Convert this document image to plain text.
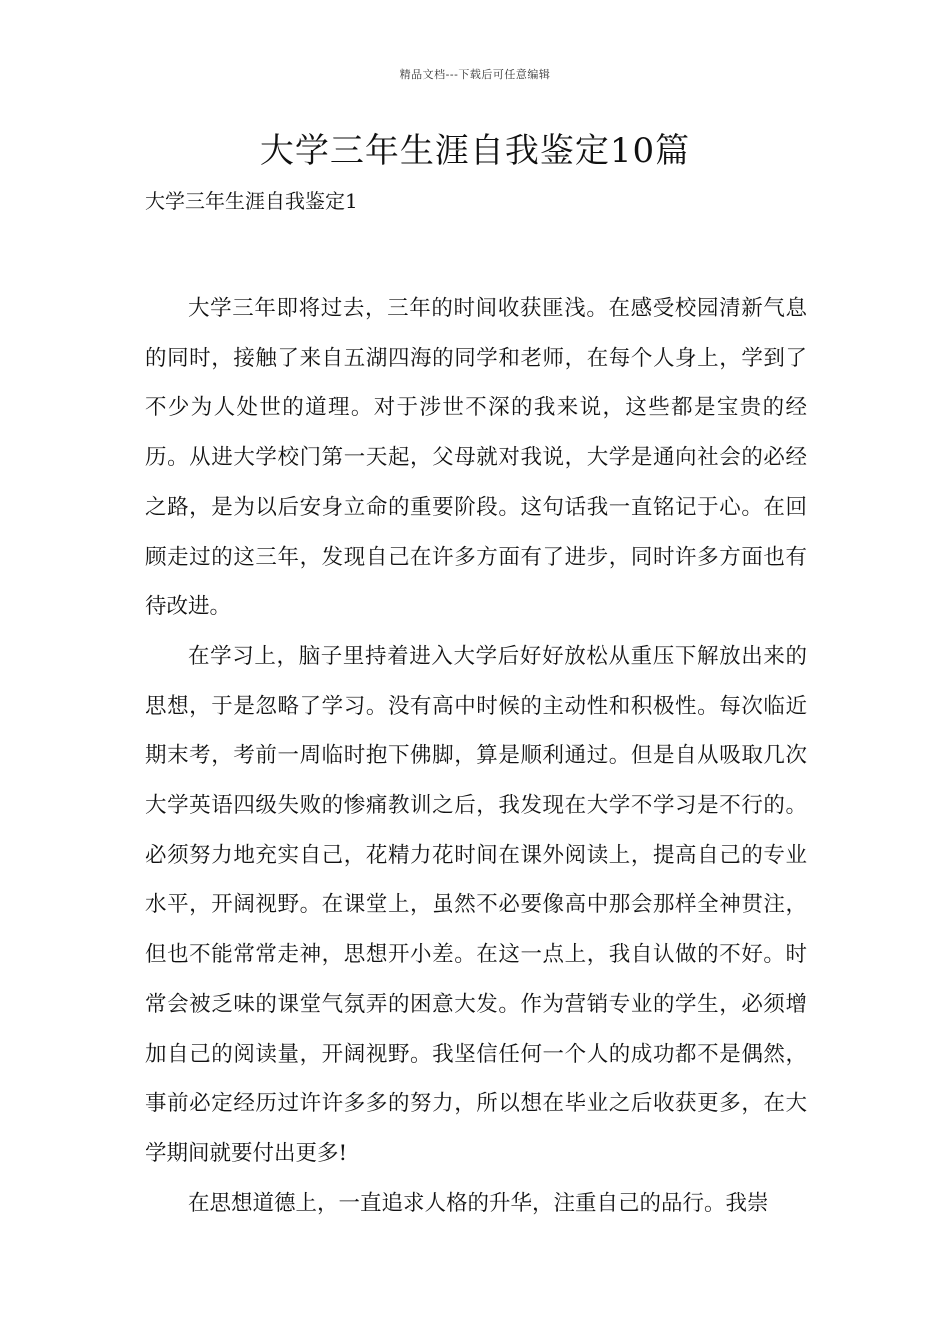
精品文档---下载后可任意编辑
大学三年生涯自我鉴定10篇
大学三年生涯自我鉴定1

大学三年即将过去，三年的时间收获匪浅。在感受校园清新气息的同时，接触了来自五湖四海的同学和老师，在每个人身上，学到了不少为人处世的道理。对于涉世不深的我来说，这些都是宝贵的经历。从进大学校门第一天起，父母就对我说，大学是通向社会的必经之路，是为以后安身立命的重要阶段。这句话我一直铭记于心。在回顾走过的这三年，发现自己在许多方面有了进步，同时许多方面也有待改进。

在学习上，脑子里持着进入大学后好好放松从重压下解放出来的思想，于是忽略了学习。没有高中时候的主动性和积极性。每次临近期末考，考前一周临时抱下佛脚，算是顺利通过。但是自从吸取几次大学英语四级失败的惨痛教训之后，我发现在大学不学习是不行的。必须努力地充实自己，花精力花时间在课外阅读上，提高自己的专业水平，开阔视野。在课堂上，虽然不必要像高中那会那样全神贯注，但也不能常常走神，思想开小差。在这一点上，我自认做的不好。时常会被乏味的课堂气氛弄的困意大发。作为营销专业的学生，必须增加自己的阅读量，开阔视野。我坚信任何一个人的成功都不是偶然，事前必定经历过许许多多的努力，所以想在毕业之后收获更多，在大学期间就要付出更多!

在思想道德上，一直追求人格的升华，注重自己的品行。我崇
